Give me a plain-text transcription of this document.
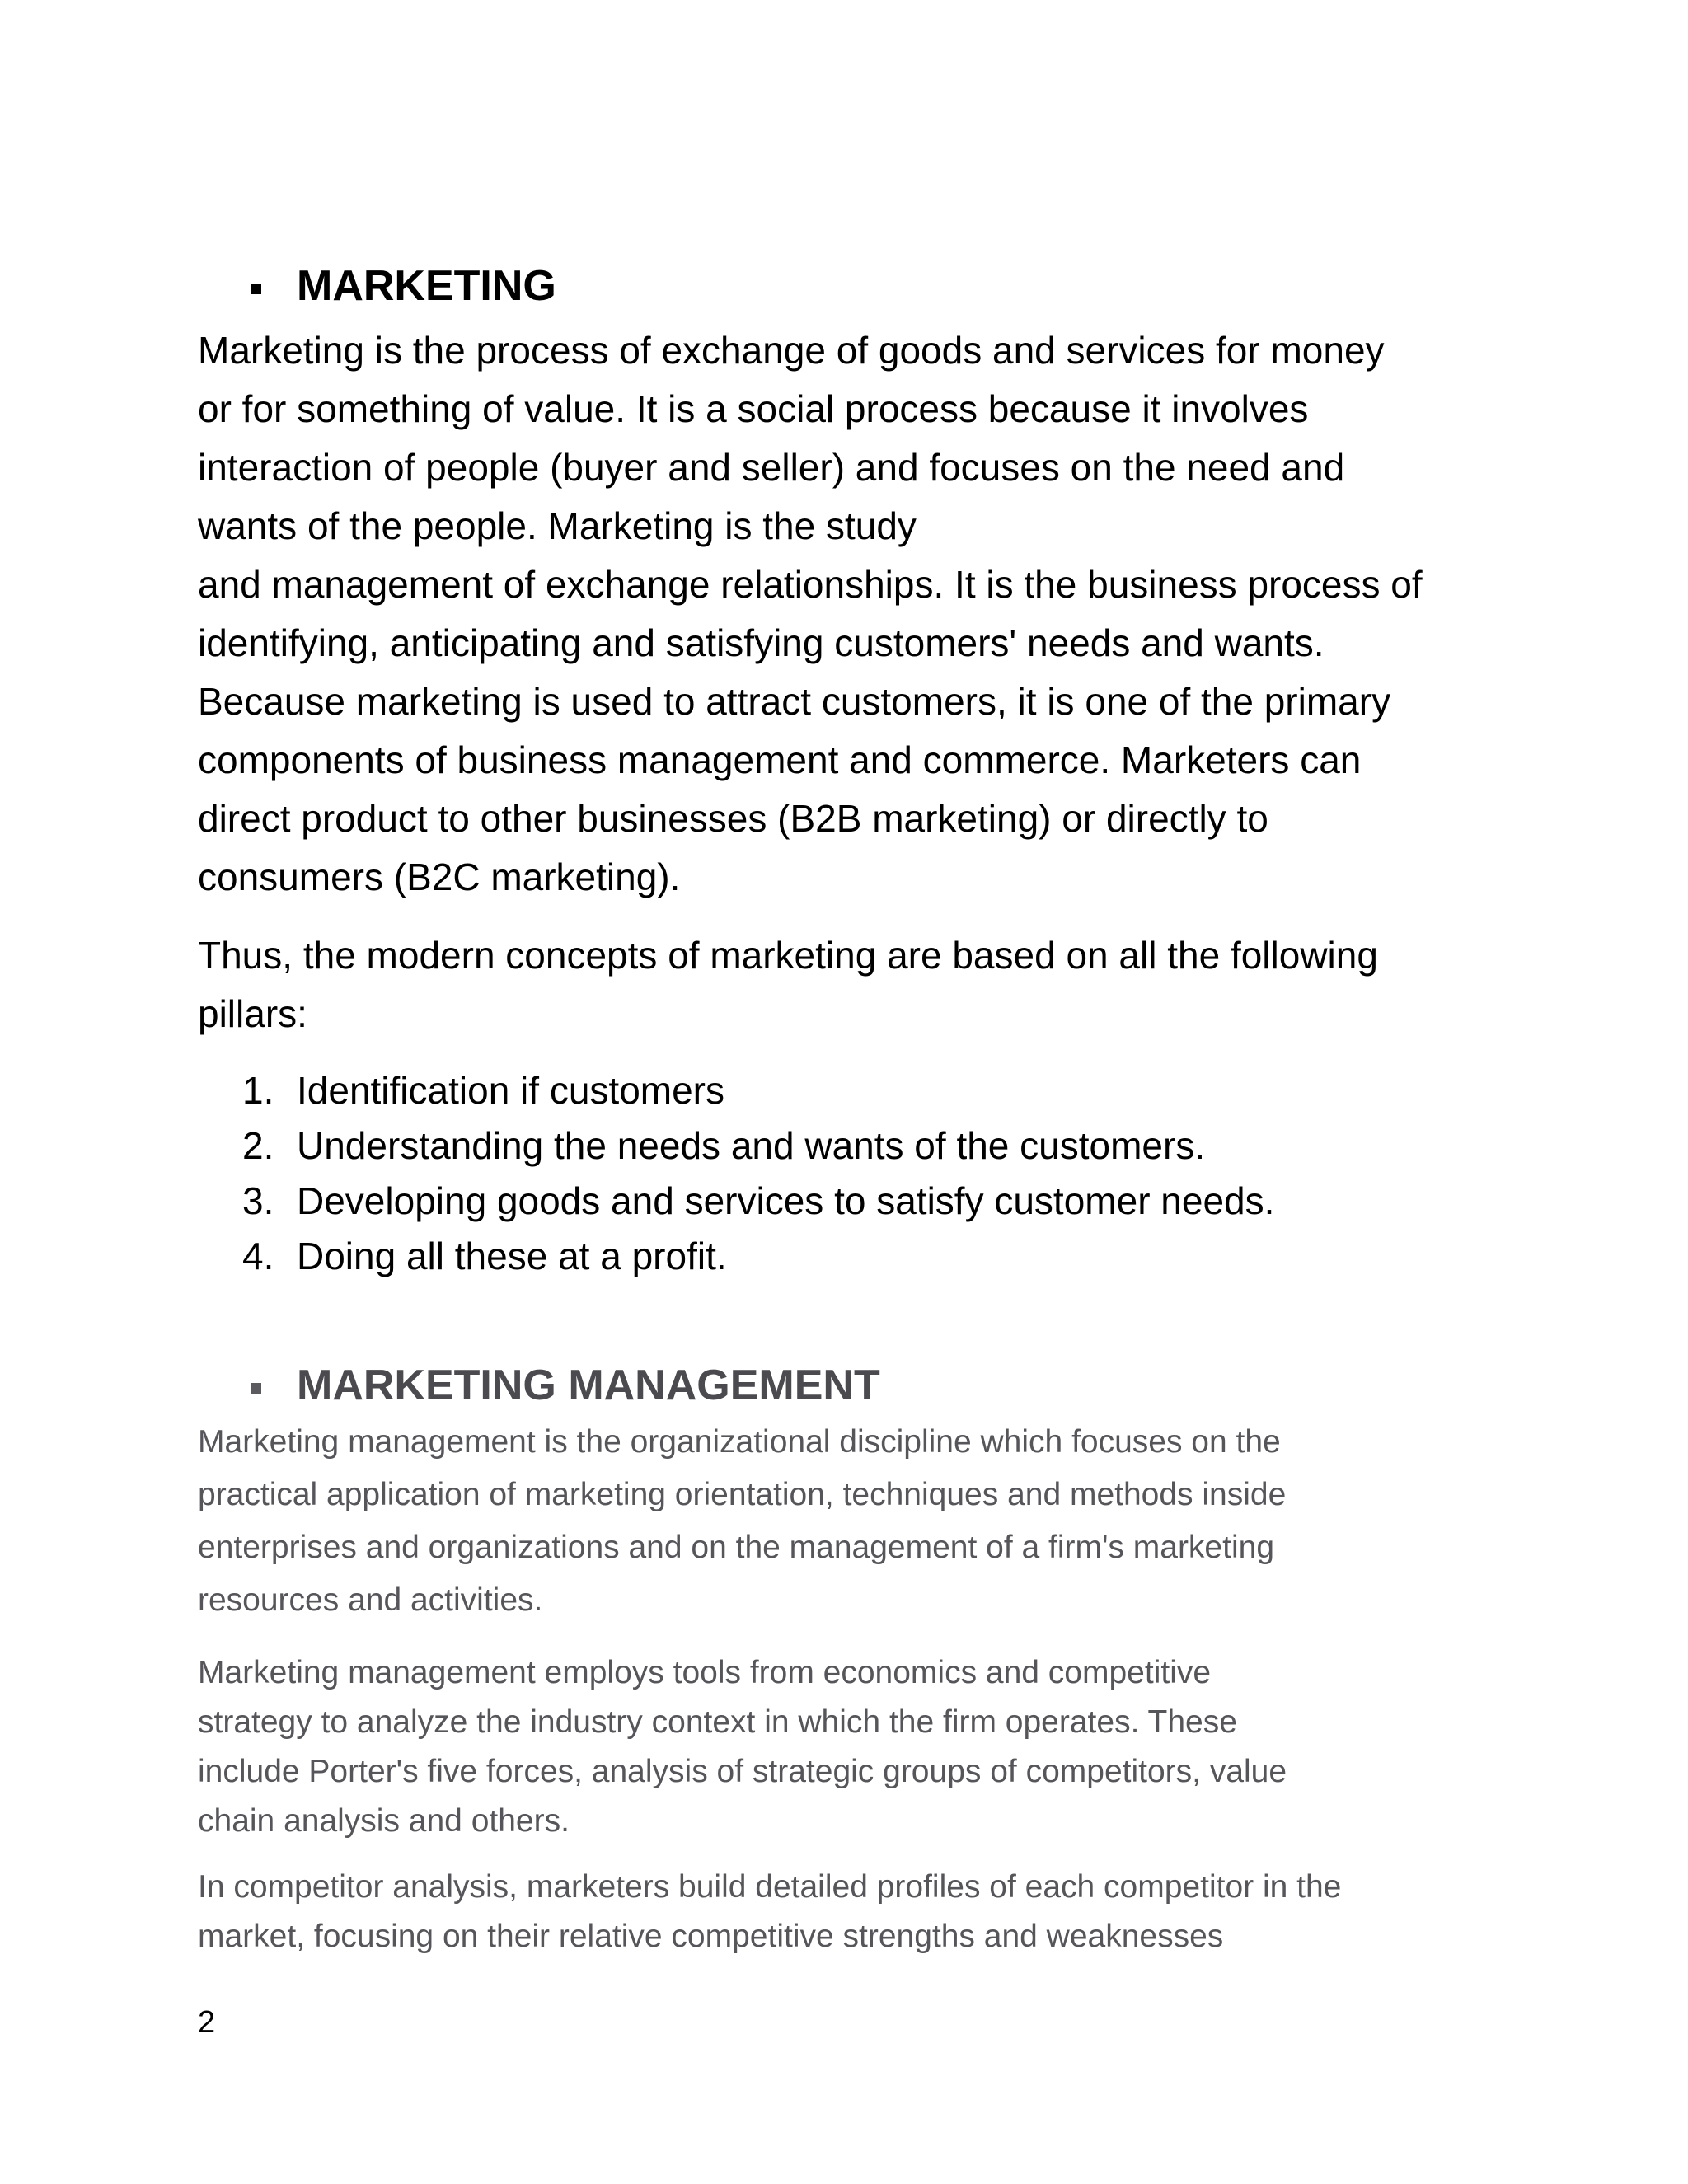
MARKETING

Marketing is the process of exchange of goods and services for money
or for something of value. It is a social process because it involves
interaction of people (buyer and seller) and focuses on the need and
wants of the people. Marketing is the study
and management of exchange relationships. It is the business process of
identifying, anticipating and satisfying customers' needs and wants.
Because marketing is used to attract customers, it is one of the primary
components of business management and commerce. Marketers can
direct product to other businesses (B2B marketing) or directly to
consumers (B2C marketing).

Thus, the modern concepts of marketing are based on all the following
pillars:

1. Identification if customers
2. Understanding the needs and wants of the customers.
3. Developing goods and services to satisfy customer needs.
4. Doing all these at a profit.
MARKETING MANAGEMENT

Marketing management is the organizational discipline which focuses on the
practical application of marketing orientation, techniques and methods inside
enterprises and organizations and on the management of a firm's marketing
resources and activities.

Marketing management employs tools from economics and competitive
strategy to analyze the industry context in which the firm operates. These
include Porter's five forces, analysis of strategic groups of competitors, value
chain analysis and others.

In competitor analysis, marketers build detailed profiles of each competitor in the
market, focusing on their relative competitive strengths and weaknesses

2
